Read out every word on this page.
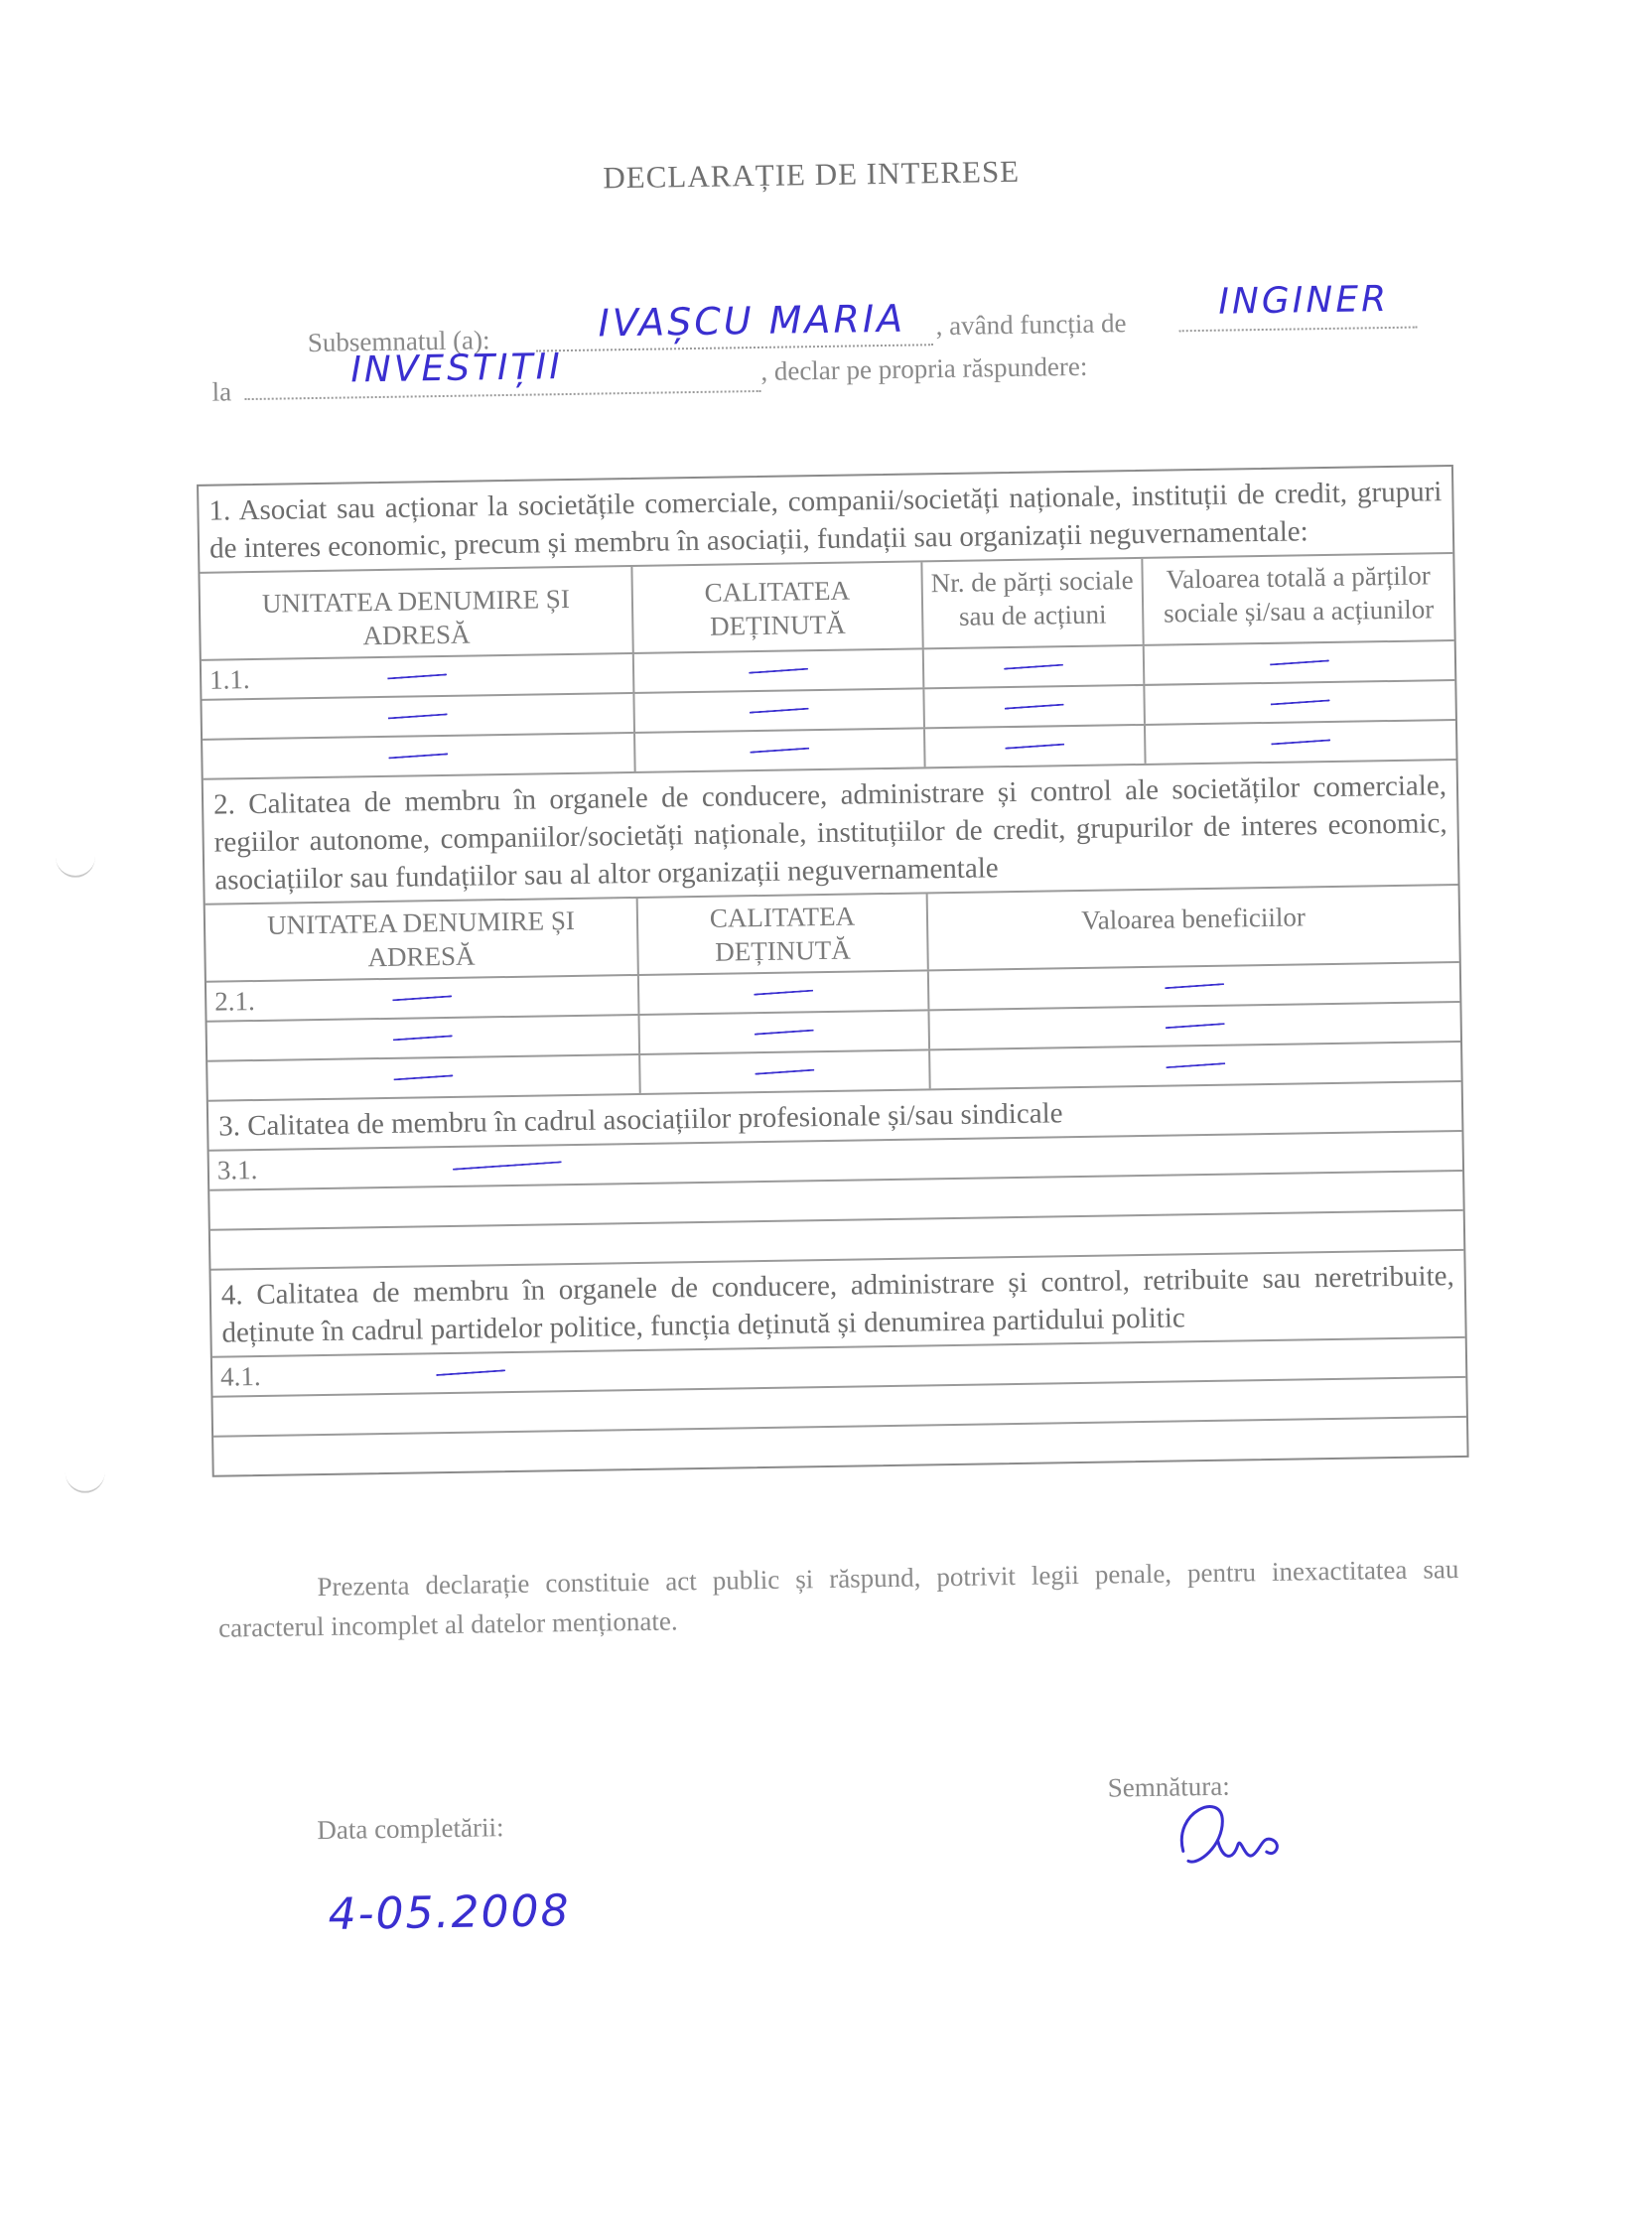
DECLARAȚIE DE INTERESE
Subsemnatul (a):	IVAȘCU MARIA , având funcția de
INGINER
la
INVESTIȚII	, declar pe propria răspundere:
1. Asociat sau acționar la societățile comerciale, companii/societăți naționale, instituții de credit, grupuri de interes economic, precum și membru în asociații, fundații sau organizații neguvernamentale:
UNITATEA DENUMIRE ȘI ADRESĂ
CALITATEA DEȚINUTĂ
Nr. de părți sociale sau de acțiuni
Valoarea totală a părților sociale și/sau a acțiunilor
1.1.
2. Calitatea de membru în organele de conducere, administrare și control ale societăților comerciale, regiilor autonome, companiilor/societăți naționale, instituțiilor de credit, grupurilor de interes economic, asociațiilor sau fundațiilor sau al altor organizații neguvernamentale
UNITATEA DENUMIRE ȘI ADRESĂ
CALITATEA DEȚINUTĂ
Valoarea beneficiilor
2.1.
3. Calitatea de membru în cadrul asociațiilor profesionale și/sau sindicale
3.1.
4. Calitatea de membru în organele de conducere, administrare și control, retribuite sau neretribuite, deținute în cadrul partidelor politice, funcția deținută și denumirea partidului politic
4.1.
Prezenta declarație constituie act public și răspund, potrivit legii penale, pentru inexactitatea sau caracterul incomplet al datelor menționate.
Data completării:
4-05.2008
Semnătura:
